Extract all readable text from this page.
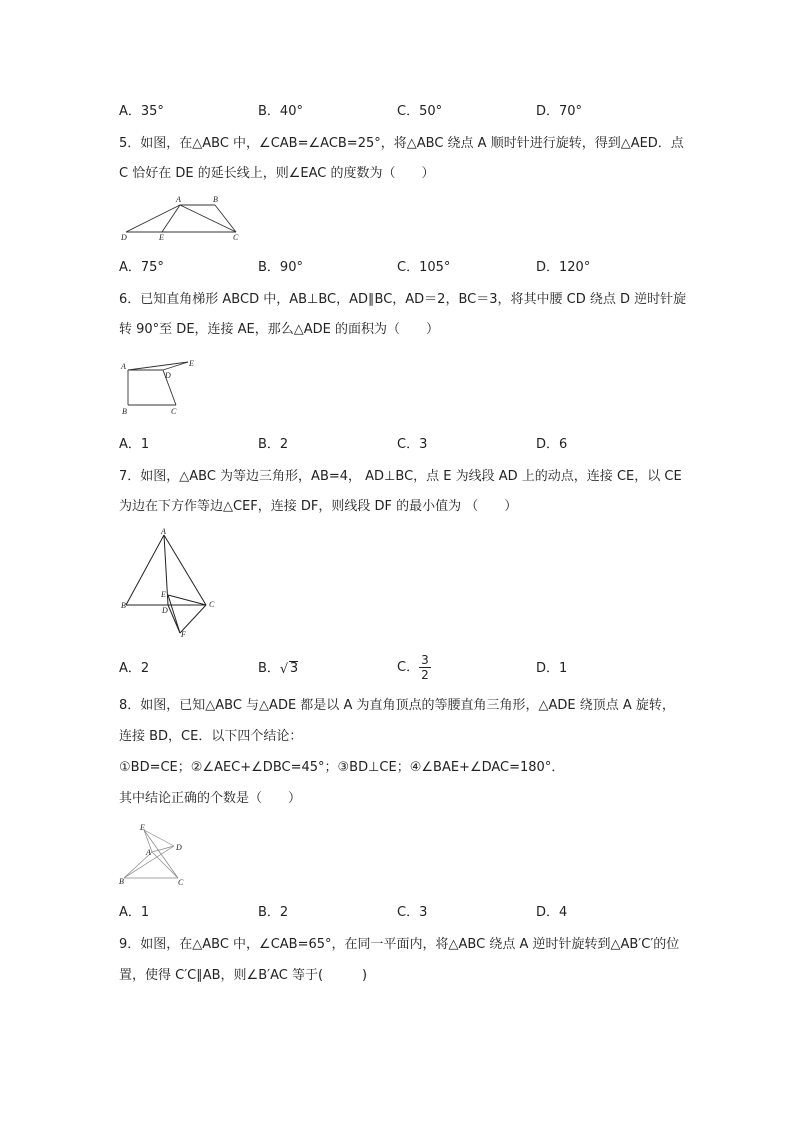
A．35°	B．40°	C．50°	D．70°
5．如图，在△ABC 中，∠CAB=∠ACB=25°，将△ABC 绕点 A 顺时针进行旋转，得到△AED．点
C 恰好在 DE 的延长线上，则∠EAC 的度数为（　　）
A	B
C
D	E
A．75°	B．90°	C．105°	D．120°
6．已知直角梯形 ABCD 中，AB⊥BC，AD∥BC，AD＝2，BC＝3，将其中腰 CD 绕点 D 逆时针旋
转 90°至 DE，连接 AE，那么△ADE 的面积为（　　）
A
B	C
D
E
A．1	B．2	C．3	D．6
7．如图，△ABC 为等边三角形，AB=4， AD⊥BC，点 E 为线段 AD 上的动点，连接 CE，以 CE
为边在下方作等边△CEF，连接 DF，则线段 DF 的最小值为 （　　）
A
B	C
D
E
F
A．2	B． √ 3	C． $\frac{3}{2}$	D．1
8．如图，已知△ABC 与△ADE 都是以 A 为直角顶点的等腰直角三角形，△ADE 绕顶点 A 旋转，
连接 BD，CE．以下四个结论：
①BD=CE；②∠AEC+∠DBC=45°；③BD⊥CE；④∠BAE+∠DAC=180°．
其中结论正确的个数是（　　）
E
A
D
B	C
A．1	B．2	C．3	D．4
9．如图，在△ABC 中，∠CAB=65°，在同一平面内，将△ABC 绕点 A 逆时针旋转到△AB′C′的位
置，使得 C′C∥AB，则∠B′AC 等于(　　　)
